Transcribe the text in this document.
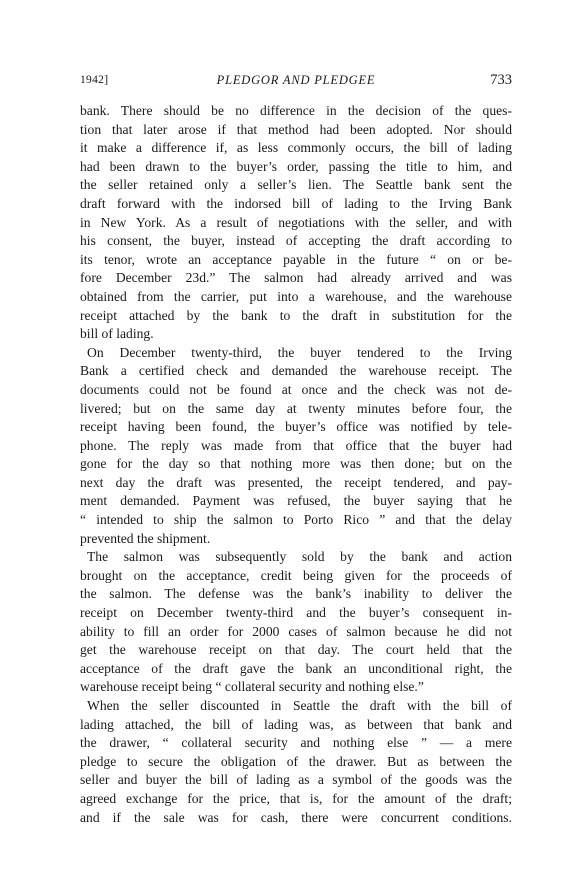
1942]	PLEDGOR AND PLEDGEE	733

bank. There should be no difference in the decision of the ques-
tion that later arose if that method had been adopted. Nor should
it make a difference if, as less commonly occurs, the bill of lading
had been drawn to the buyer’s order, passing the title to him, and
the seller retained only a seller’s lien. The Seattle bank sent the
draft forward with the indorsed bill of lading to the Irving Bank
in New York. As a result of negotiations with the seller, and with
his consent, the buyer, instead of accepting the draft according to
its tenor, wrote an acceptance payable in the future “ on or be-
fore December 23d.” The salmon had already arrived and was
obtained from the carrier, put into a warehouse, and the warehouse
receipt attached by the bank to the draft in substitution for the
bill of lading.

On December twenty-third, the buyer tendered to the Irving
Bank a certified check and demanded the warehouse receipt. The
documents could not be found at once and the check was not de-
livered; but on the same day at twenty minutes before four, the
receipt having been found, the buyer’s office was notified by tele-
phone. The reply was made from that office that the buyer had
gone for the day so that nothing more was then done; but on the
next day the draft was presented, the receipt tendered, and pay-
ment demanded. Payment was refused, the buyer saying that he
“ intended to ship the salmon to Porto Rico ” and that the delay
prevented the shipment.

The salmon was subsequently sold by the bank and action
brought on the acceptance, credit being given for the proceeds of
the salmon. The defense was the bank’s inability to deliver the
receipt on December twenty-third and the buyer’s consequent in-
ability to fill an order for 2000 cases of salmon because he did not
get the warehouse receipt on that day. The court held that the
acceptance of the draft gave the bank an unconditional right, the
warehouse receipt being “ collateral security and nothing else.”

When the seller discounted in Seattle the draft with the bill of
lading attached, the bill of lading was, as between that bank and
the drawer, “ collateral security and nothing else ” — a mere
pledge to secure the obligation of the drawer. But as between the
seller and buyer the bill of lading as a symbol of the goods was the
agreed exchange for the price, that is, for the amount of the draft;
and if the sale was for cash, there were concurrent conditions.
